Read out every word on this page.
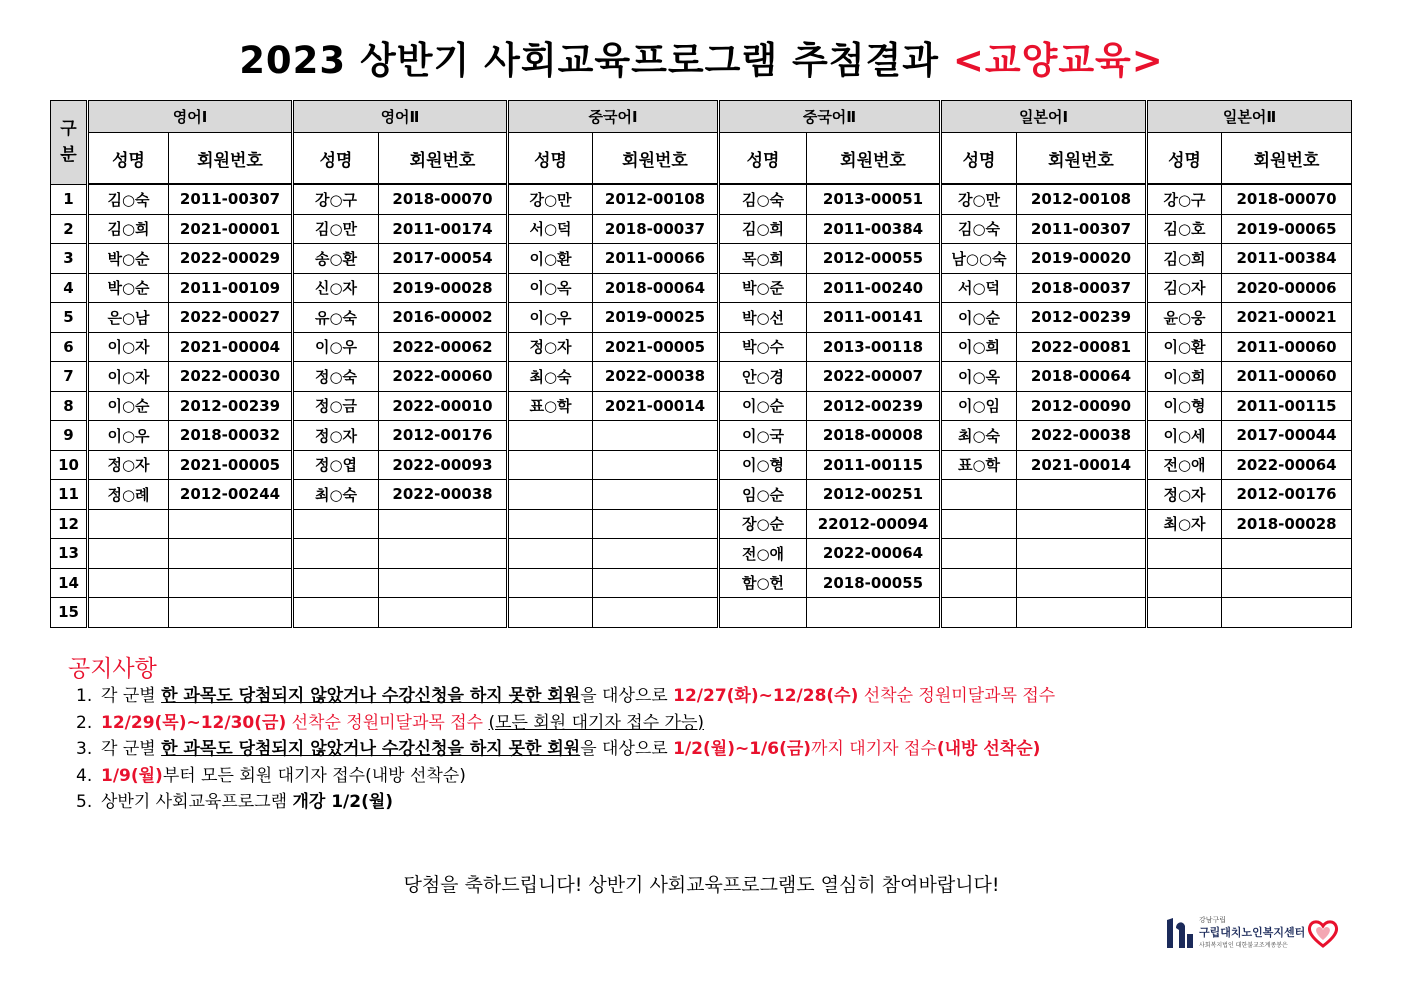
2023 상반기 사회교육프로그램 추첨결과 <교양교육>
구
분	영어Ⅰ		영어Ⅱ		중국어Ⅰ		중국어Ⅱ		일본어Ⅰ		일본어Ⅱ	
	성명	회원번호	성명	회원번호	성명	회원번호	성명	회원번호	성명	회원번호	성명	회원번호
1	김○숙	2011-00307	강○구	2018-00070	강○만	2012-00108	김○숙	2013-00051	강○만	2012-00108	강○구	2018-00070
2	김○희	2021-00001	김○만	2011-00174	서○덕	2018-00037	김○희	2011-00384	김○숙	2011-00307	김○호	2019-00065
3	박○순	2022-00029	송○환	2017-00054	이○환	2011-00066	목○희	2012-00055	남○○숙	2019-00020	김○희	2011-00384
4	박○순	2011-00109	신○자	2019-00028	이○옥	2018-00064	박○준	2011-00240	서○덕	2018-00037	김○자	2020-00006
5	은○남	2022-00027	유○숙	2016-00002	이○우	2019-00025	박○선	2011-00141	이○순	2012-00239	윤○웅	2021-00021
6	이○자	2021-00004	이○우	2022-00062	정○자	2021-00005	박○수	2013-00118	이○희	2022-00081	이○환	2011-00060
7	이○자	2022-00030	정○숙	2022-00060	최○숙	2022-00038	안○경	2022-00007	이○옥	2018-00064	이○희	2011-00060
8	이○순	2012-00239	정○금	2022-00010	표○학	2021-00014	이○순	2012-00239	이○임	2012-00090	이○형	2011-00115
9	이○우	2018-00032	정○자	2012-00176			이○국	2018-00008	최○숙	2022-00038	이○세	2017-00044
10	정○자	2021-00005	정○엽	2022-00093			이○형	2011-00115	표○학	2021-00014	전○애	2022-00064
11	정○례	2012-00244	최○숙	2022-00038			임○순	2012-00251			정○자	2012-00176
12							장○순	22012-00094			최○자	2018-00028
13							전○애	2022-00064				
14							함○헌	2018-00055				
15												
공지사항
1. 각 군별 한 과목도 당첨되지 않았거나 수강신청을 하지 못한 회원을 대상으로 12/27(화)~12/28(수) 선착순 정원미달과목 접수
2. 12/29(목)~12/30(금) 선착순 정원미달과목 접수 (모든 회원 대기자 접수 가능)
3. 각 군별 한 과목도 당첨되지 않았거나 수강신청을 하지 못한 회원을 대상으로 1/2(월)~1/6(금)까지 대기자 접수(내방 선착순)
4. 1/9(월)부터 모든 회원 대기자 접수(내방 선착순)
5. 상반기 사회교육프로그램 개강 1/2(월)
당첨을 축하드립니다! 상반기 사회교육프로그램도 열심히 참여바랍니다!
강남구립
구립대치노인복지센터
사회복지법인 대한불교조계종봉은
